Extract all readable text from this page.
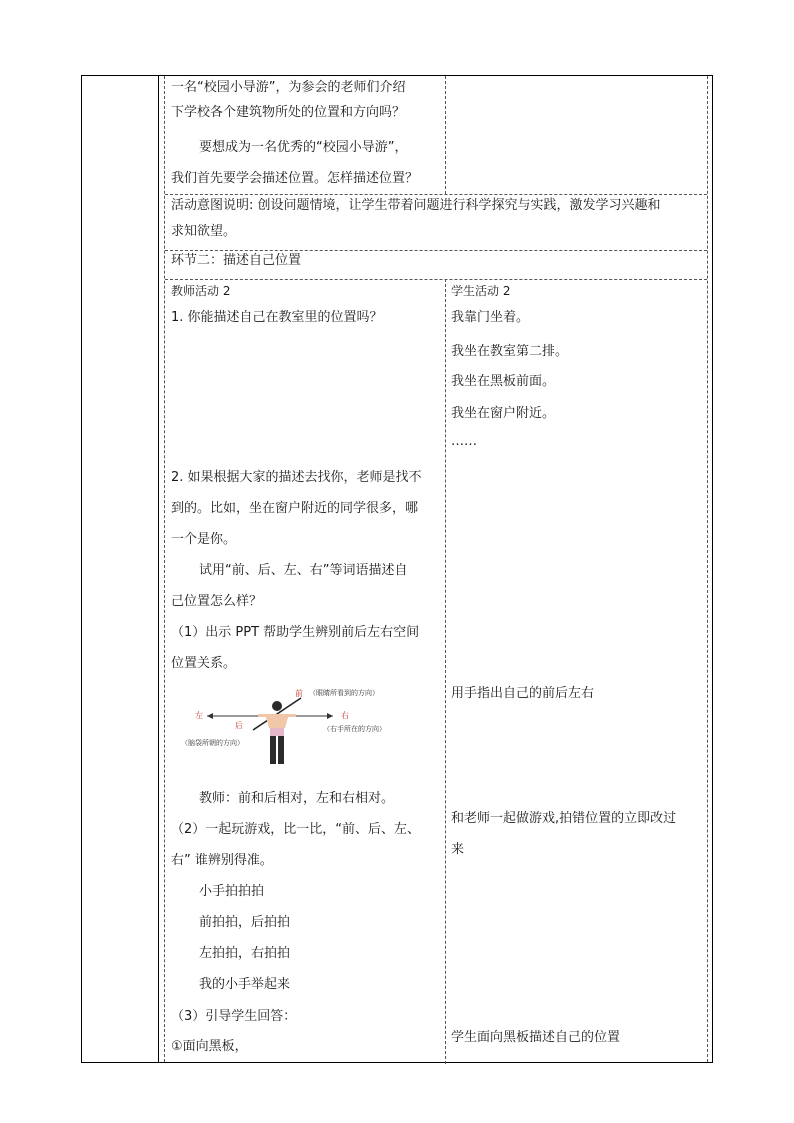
一名“校园小导游”，为参会的老师们介绍
下学校各个建筑物所处的位置和方向吗？
要想成为一名优秀的“校园小导游”，
我们首先要学会描述位置。怎样描述位置？
活动意图说明: 创设问题情境，让学生带着问题进行科学探究与实践，激发学习兴趣和
求知欲望。
环节二：描述自己位置
教师活动 2
1. 你能描述自己在教室里的位置吗？
2. 如果根据大家的描述去找你，老师是找不
到的。比如，坐在窗户附近的同学很多，哪
一个是你。
试用“前、后、左、右”等词语描述自
己位置怎么样？
（1）出示 PPT 帮助学生辨别前后左右空间
位置关系。
前 （眼睛所看到的方向）
左	右
后	（右手所在的方向）
（脑袋所朝的方向）
教师：前和后相对，左和右相对。
（2）一起玩游戏，比一比，“前、后、左、
右” 谁辨别得准。
小手拍拍拍
前拍拍，后拍拍
左拍拍，右拍拍
我的小手举起来
（3）引导学生回答：
①面向黑板，
学生活动 2
我靠门坐着。
我坐在教室第二排。
我坐在黑板前面。
我坐在窗户附近。
……
用手指出自己的前后左右
和老师一起做游戏,拍错位置的立即改过
来
学生面向黑板描述自己的位置
